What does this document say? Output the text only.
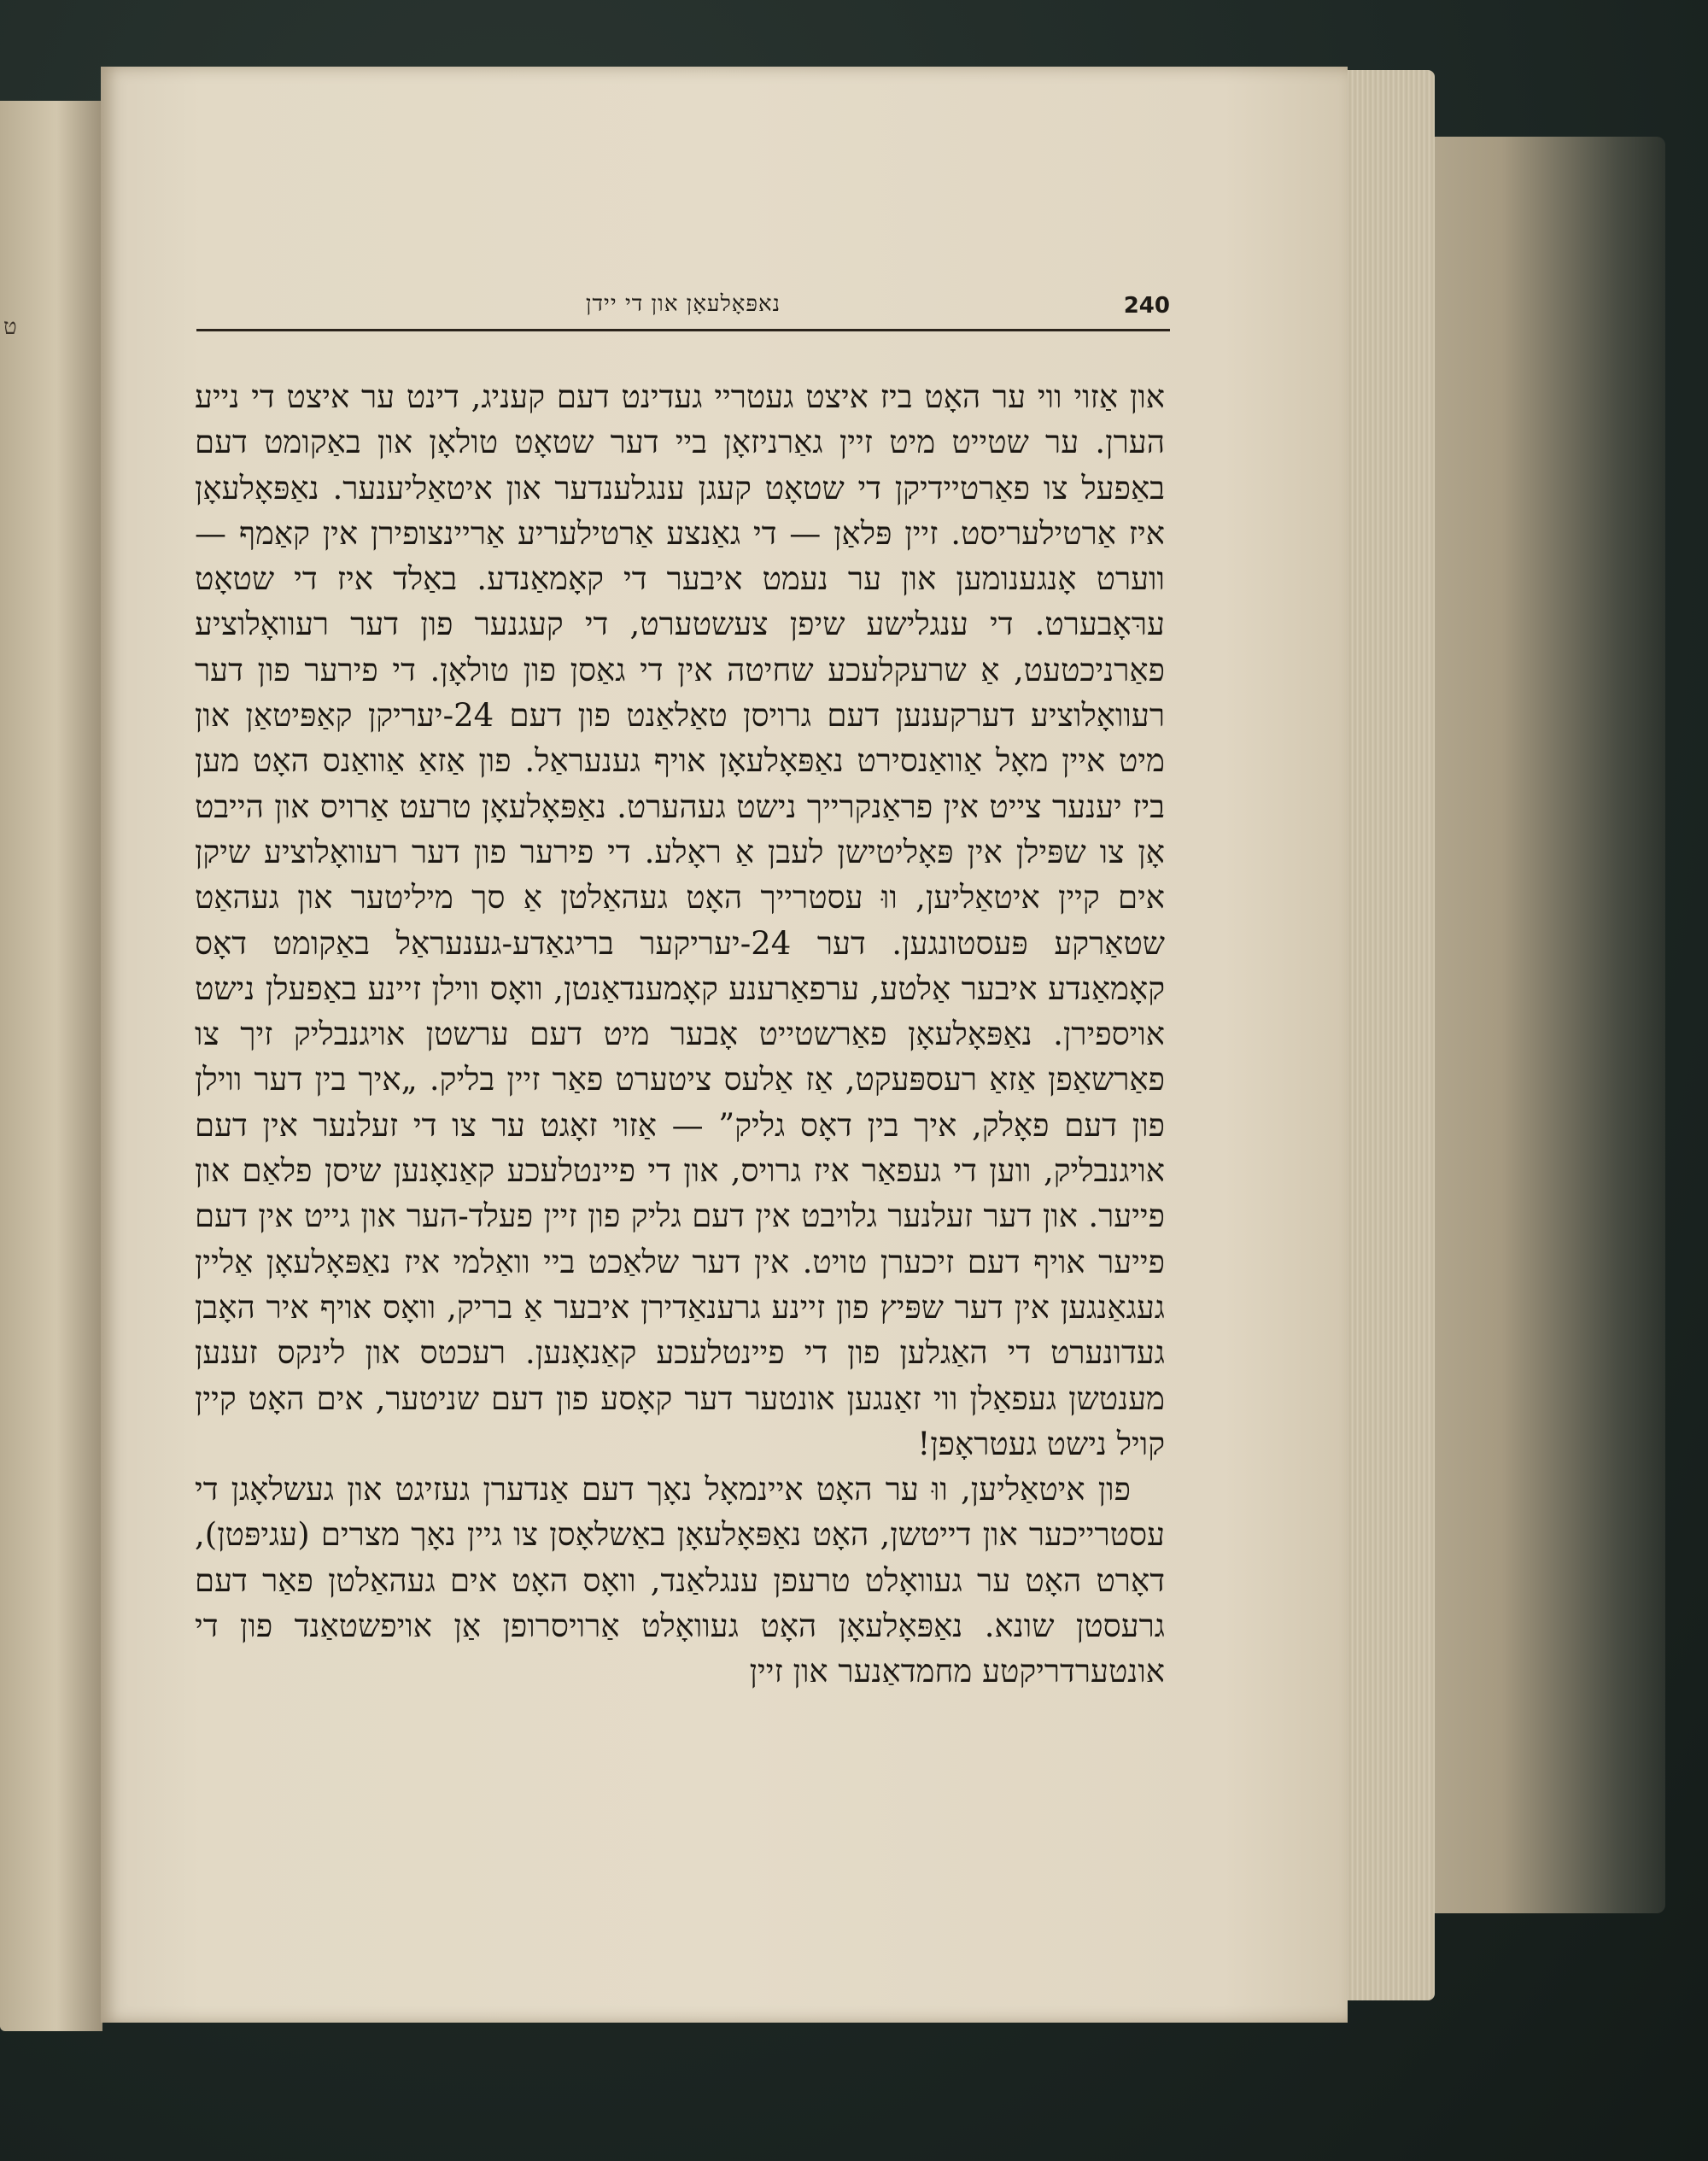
ט
240
נאפּאָלעאָן און די יידן

און אַזוי ווי ער האָט ביז איצט געטריי געדינט דעם קעניג, דינט ער איצט די נייע הערן. ער שטייט מיט זיין גאַרניזאָן ביי דער שטאָט טולאָן און באַקומט דעם באַפעל צו פאַרטיידיקן די שטאָט קעגן ענגלענדער און איטאַליענער. נאַפּאָלעאָן איז אַרטילעריסט. זיין פּלאַן — די גאַנצע אַרטילעריע אַריינצופירן אין קאַמף — ווערט אָנגענומען און ער נעמט איבער די קאָמאַנדע. באַלד איז די שטאָט ערּאָבערט. די ענגלישע שיפן צעשטערט, די קעגנער פון דער רעוואָלוציע פאַרניכטעט, אַ שרעקלעכע שחיטה אין די גאַסן פון טולאָן. די פירער פון דער רעוואָלוציע דערקענען דעם גרויסן טאַלאַנט פון דעם 24-יעריקן קאַפּיטאַן און מיט איין מאָל אַוואַנסירט נאַפּאָלעאָן אויף גענעראַל. פון אַזאַ אַוואַנס האָט מען ביז יענער צייט אין פראַנקרייך נישט געהערט. נאַפּאָלעאָן טרעט אַרויס און הייבט אָן צו שפּילן אין פּאָליטישן לעבן אַ ראָלע. די פירער פון דער רעוואָלוציע שיקן אים קיין איטאַליען, ווּ עסטרייך האָט געהאַלטן אַ סך מיליטער און געהאַט שטאַרקע פּעסטונגען. דער 24-יעריקער בריגאַדע-גענעראַל באַקומט דאָס קאָמאַנדע איבער אַלטע, ערפאַרענע קאָמענדאַנטן, וואָס ווילן זיינע באַפעלן נישט אויספירן. נאַפּאָלעאָן פאַרשטייט אָבער מיט דעם ערשטן אויגנבליק זיך צו פאַרשאַפן אַזאַ רעספּעקט, אַז אַלעס ציטערט פאַר זיין בליק. „איך בין דער ווילן פון דעם פאָלק, איך בין דאָס גליק” — אַזוי זאָגט ער צו די זעלנער אין דעם אויגנבליק, ווען די געפאַר איז גרויס, און די פיינטלעכע קאַנאָנען שיסן פלאַם און פייער. און דער זעלנער גלויבט אין דעם גליק פון זיין פעלד-הער און גייט אין דעם פייער אויף דעם זיכערן טויט. אין דער שלאַכט ביי וואַלמי איז נאַפּאָלעאָן אַליין געגאַנגען אין דער שפּיץ פון זיינע גרענאַדירן איבער אַ בריק, וואָס אויף איר האָבן געדונערט די האַגלען פון די פיינטלעכע קאַנאָנען. רעכטס און לינקס זענען מענטשן געפאַלן ווי זאַנגען אונטער דער קאָסע פון דעם שניטער, אים האָט קיין קויל נישט געטראָפן!

פון איטאַליען, ווּ ער האָט איינמאָל נאָך דעם אַנדערן געזיגט און געשלאָגן די עסטרייכער און דייטשן, האָט נאַפּאָלעאָן באַשלאָסן צו גיין נאָך מצרים (עגיפּטן), דאָרט האָט ער געוואָלט טרעפן ענגלאַנד, וואָס האָט אים געהאַלטן פאַר דעם גרעסטן שונא. נאַפּאָלעאָן האָט געוואָלט אַרויסרופן אַן אויפשטאַנד פון די אונטערדריקטע מחמדאַנער און זיין
